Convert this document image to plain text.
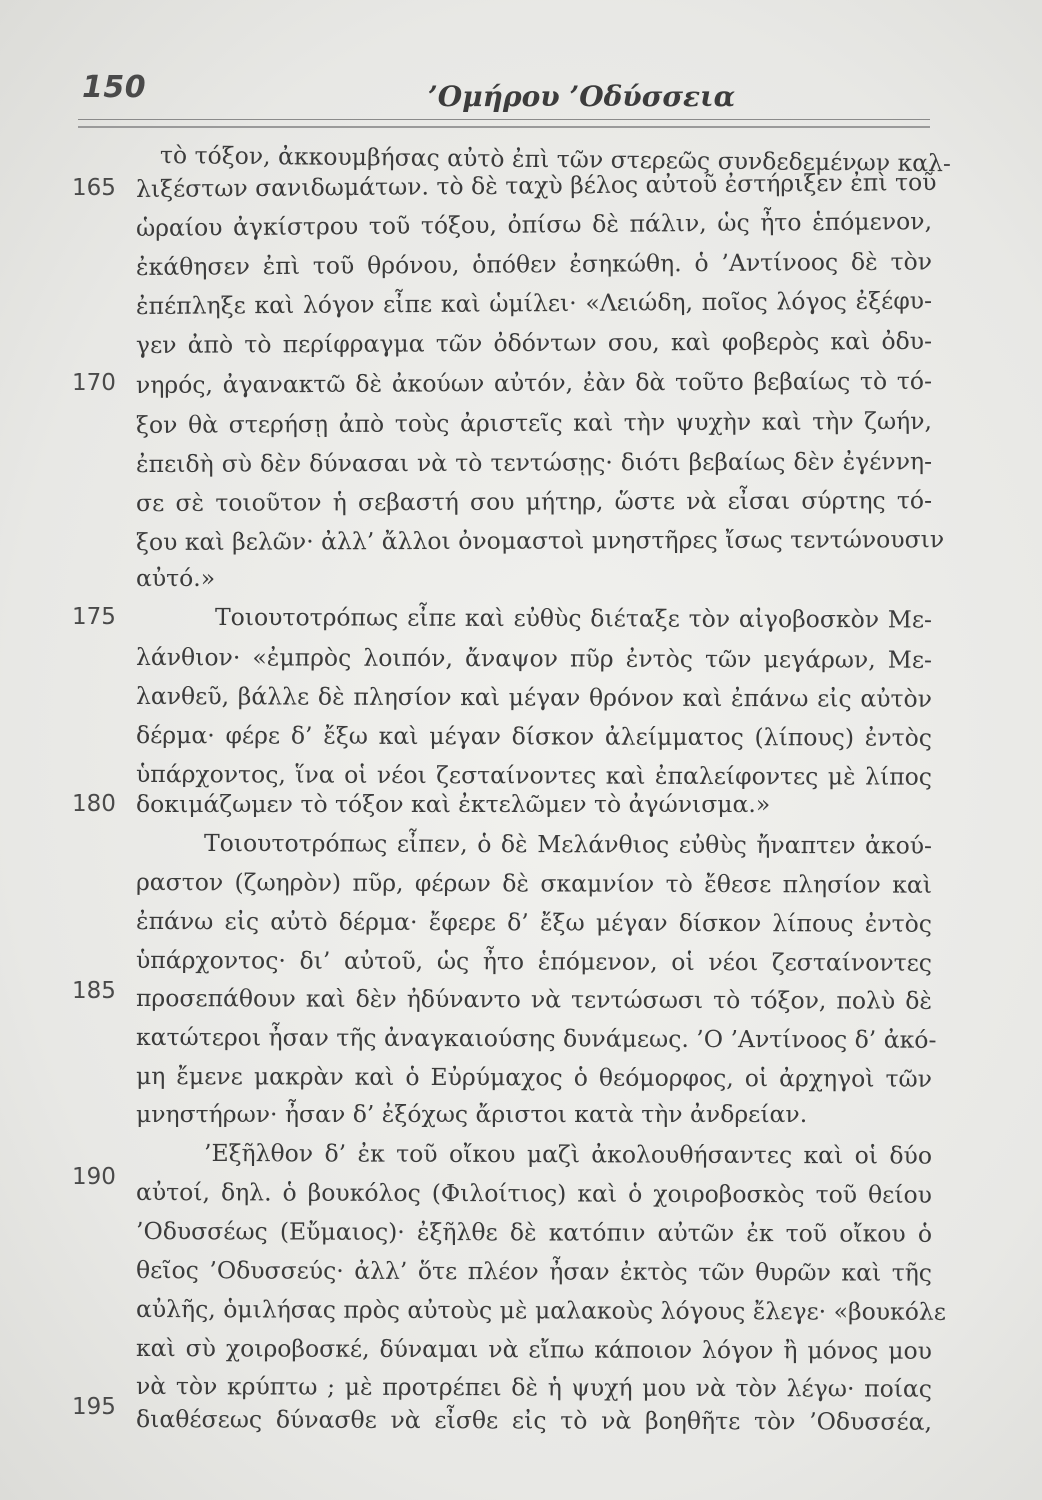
150	’Ομήρου ’Οδύσσεια
165
170
175
180
185
190
195
τὸ τόξον, ἀκκουμβήσας αὐτὸ ἐπὶ τῶν στερεῶς συνδεδεμένων καλ-
λιξέστων σανιδωμάτων. τὸ δὲ ταχὺ βέλος αὐτοῦ ἐστήριξεν ἐπὶ τοῦ
ὡραίου ἀγκίστρου τοῦ τόξου, ὀπίσω δὲ πάλιν, ὡς ἦτο ἑπόμενον,
ἐκάθησεν ἐπὶ τοῦ θρόνου, ὁπόθεν ἐσηκώθη. ὁ ’Αντίνοος δὲ τὸν
ἐπέπληξε καὶ λόγον εἶπε καὶ ὡμίλει· «Λειώδη, ποῖος λόγος ἐξέφυ-
γεν ἀπὸ τὸ περίφραγμα τῶν ὀδόντων σου, καὶ φοβερὸς καὶ ὀδυ-
νηρός, ἀγανακτῶ δὲ ἀκούων αὐτόν, ἐὰν δὰ τοῦτο βεβαίως τὸ τό-
ξον θὰ στερήσῃ ἀπὸ τοὺς ἀριστεῖς καὶ τὴν ψυχὴν καὶ τὴν ζωήν,
ἐπειδὴ σὺ δὲν δύνασαι νὰ τὸ τεντώσῃς· διότι βεβαίως δὲν ἐγέννη-
σε σὲ τοιοῦτον ἡ σεβαστή σου μήτηρ, ὥστε νὰ εἶσαι σύρτης τό-
ξου καὶ βελῶν· ἀλλ’ ἄλλοι ὀνομαστοὶ μνηστῆρες ἴσως τεντώνουσιν
αὐτό.»
Τοιουτοτρόπως εἶπε καὶ εὐθὺς διέταξε τὸν αἰγοβοσκὸν Με-
λάνθιον· «ἐμπρὸς λοιπόν, ἄναψον πῦρ ἐντὸς τῶν μεγάρων, Με-
λανθεῦ, βάλλε δὲ πλησίον καὶ μέγαν θρόνον καὶ ἐπάνω εἰς αὐτὸν
δέρμα· φέρε δ’ ἔξω καὶ μέγαν δίσκον ἀλείμματος (λίπους) ἐντὸς
ὑπάρχοντος, ἵνα οἱ νέοι ζεσταίνοντες καὶ ἐπαλείφοντες μὲ λίπος
δοκιμάζωμεν τὸ τόξον καὶ ἐκτελῶμεν τὸ ἀγώνισμα.»
Τοιουτοτρόπως εἶπεν, ὁ δὲ Μελάνθιος εὐθὺς ἤναπτεν ἀκού-
ραστον (ζωηρὸν) πῦρ, φέρων δὲ σκαμνίον τὸ ἔθεσε πλησίον καὶ
ἐπάνω εἰς αὐτὸ δέρμα· ἔφερε δ’ ἔξω μέγαν δίσκον λίπους ἐντὸς
ὑπάρχοντος· δι’ αὐτοῦ, ὡς ἦτο ἑπόμενον, οἱ νέοι ζεσταίνοντες
προσεπάθουν καὶ δὲν ἠδύναντο νὰ τεντώσωσι τὸ τόξον, πολὺ δὲ
κατώτεροι ἦσαν τῆς ἀναγκαιούσης δυνάμεως. ’Ο ’Αντίνοος δ’ ἀκό-
μη ἔμενε μακρὰν καὶ ὁ Εὐρύμαχος ὁ θεόμορφος, οἱ ἀρχηγοὶ τῶν
μνηστήρων· ἦσαν δ’ ἐξόχως ἄριστοι κατὰ τὴν ἀνδρείαν.
’Εξῆλθον δ’ ἐκ τοῦ οἴκου μαζὶ ἀκολουθήσαντες καὶ οἱ δύο
αὐτοί, δηλ. ὁ βουκόλος (Φιλοίτιος) καὶ ὁ χοιροβοσκὸς τοῦ θείου
’Οδυσσέως (Εὔμαιος)· ἐξῆλθε δὲ κατόπιν αὐτῶν ἐκ τοῦ οἴκου ὁ
θεῖος ’Οδυσσεύς· ἀλλ’ ὅτε πλέον ἦσαν ἐκτὸς τῶν θυρῶν καὶ τῆς
αὐλῆς, ὁμιλήσας πρὸς αὐτοὺς μὲ μαλακοὺς λόγους ἔλεγε· «βουκόλε
καὶ σὺ χοιροβοσκέ, δύναμαι νὰ εἴπω κάποιον λόγον ἢ μόνος μου
νὰ τὸν κρύπτω ; μὲ προτρέπει δὲ ἡ ψυχή μου νὰ τὸν λέγω· ποίας
διαθέσεως δύνασθε νὰ εἶσθε εἰς τὸ νὰ βοηθῆτε τὸν ’Οδυσσέα,
